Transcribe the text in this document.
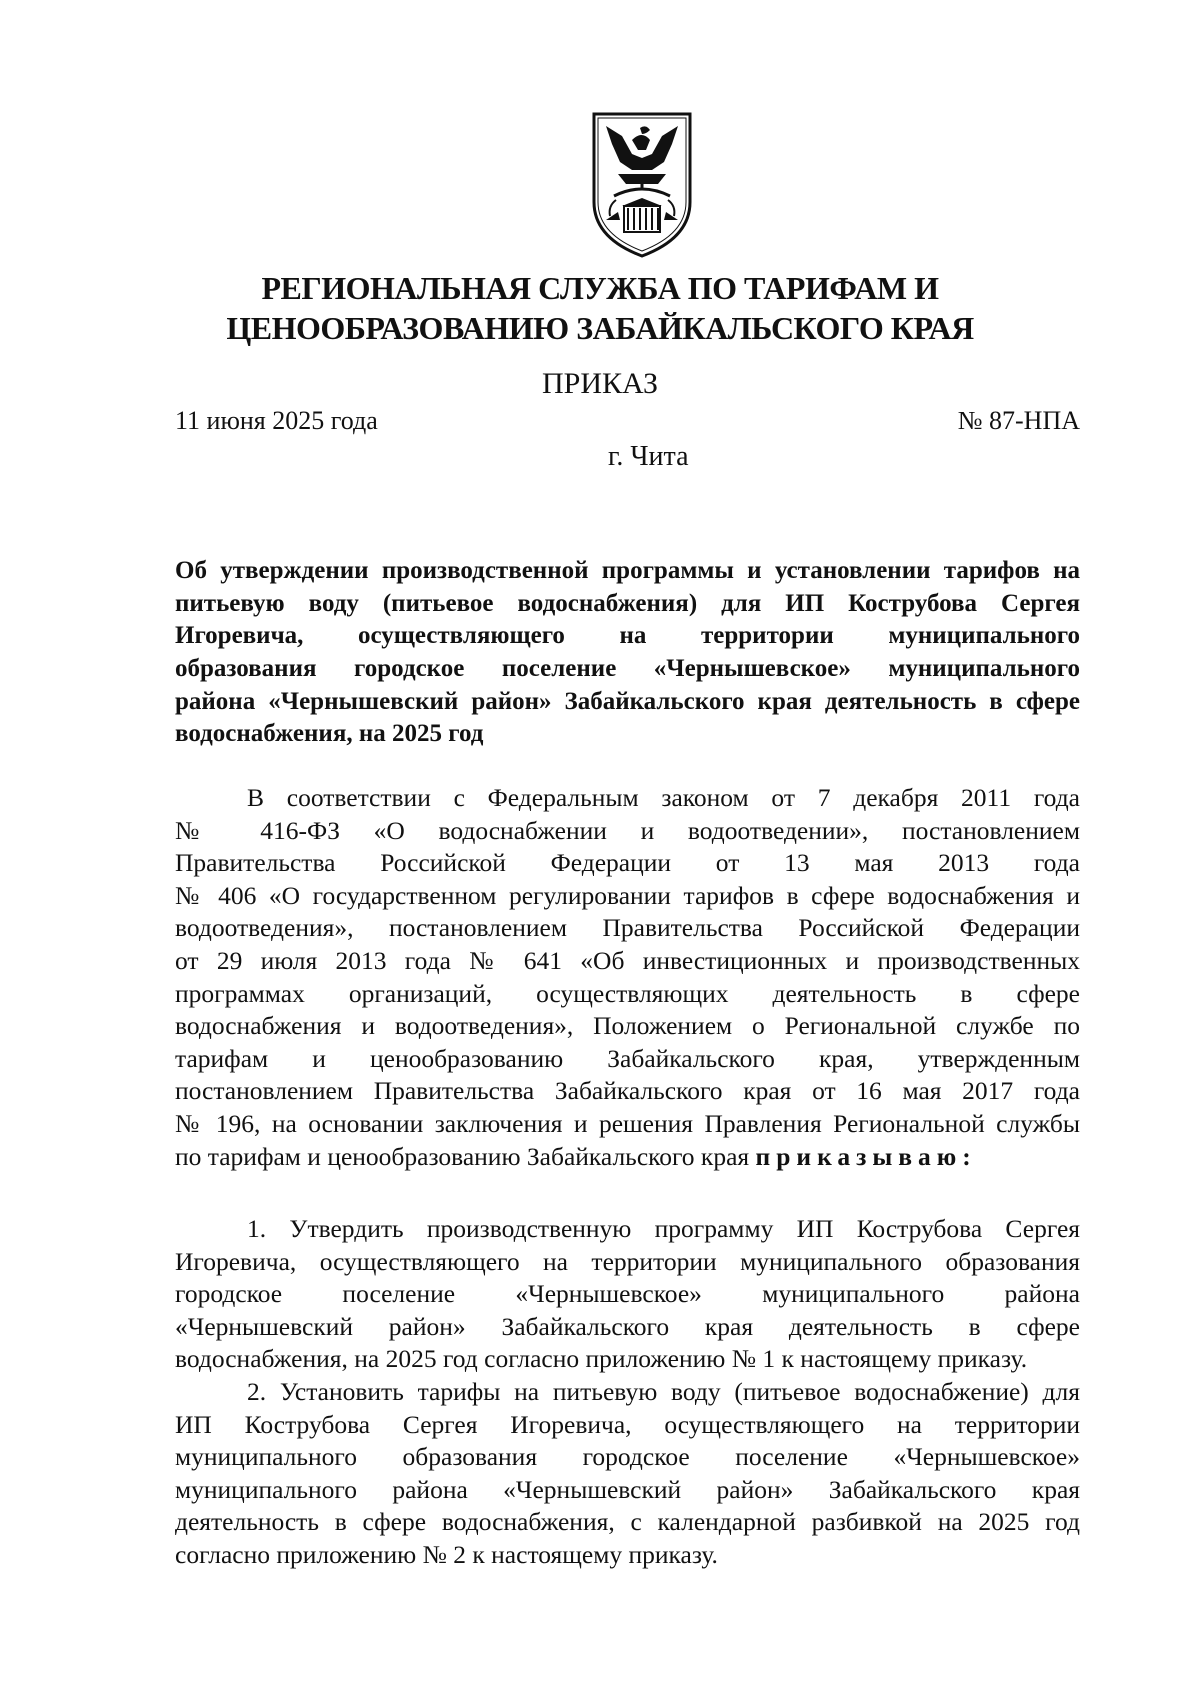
РЕГИОНАЛЬНАЯ СЛУЖБА ПО ТАРИФАМ И
ЦЕНООБРАЗОВАНИЮ ЗАБАЙКАЛЬСКОГО КРАЯ
ПРИКАЗ
11 июня 2025 года	№ 87-НПА
г. Чита
Об утверждении производственной программы и установлении тарифов на
питьевую воду (питьевое водоснабжения) для ИП Кострубова Сергея
Игоревича, осуществляющего на территории муниципального
образования городское поселение «Чернышевское» муниципального
района «Чернышевский район» Забайкальского края деятельность в сфере
водоснабжения, на 2025 год
В соответствии с Федеральным законом от 7 декабря 2011 года
№ 416-ФЗ «О водоснабжении и водоотведении», постановлением
Правительства Российской Федерации от 13 мая 2013 года
№ 406 «О государственном регулировании тарифов в сфере водоснабжения и
водоотведения», постановлением Правительства Российской Федерации
от 29 июля 2013 года № 641 «Об инвестиционных и производственных
программах организаций, осуществляющих деятельность в сфере
водоснабжения и водоотведения», Положением о Региональной службе по
тарифам и ценообразованию Забайкальского края, утвержденным
постановлением Правительства Забайкальского края от 16 мая 2017 года
№ 196, на основании заключения и решения Правления Региональной службы
по тарифам и ценообразованию Забайкальского края приказываю:
1. Утвердить производственную программу ИП Кострубова Сергея
Игоревича, осуществляющего на территории муниципального образования
городское поселение «Чернышевское» муниципального района
«Чернышевский район» Забайкальского края деятельность в сфере
водоснабжения, на 2025 год согласно приложению № 1 к настоящему приказу.
2. Установить тарифы на питьевую воду (питьевое водоснабжение) для
ИП Кострубова Сергея Игоревича, осуществляющего на территории
муниципального образования городское поселение «Чернышевское»
муниципального района «Чернышевский район» Забайкальского края
деятельность в сфере водоснабжения, с календарной разбивкой на 2025 год
согласно приложению № 2 к настоящему приказу.
